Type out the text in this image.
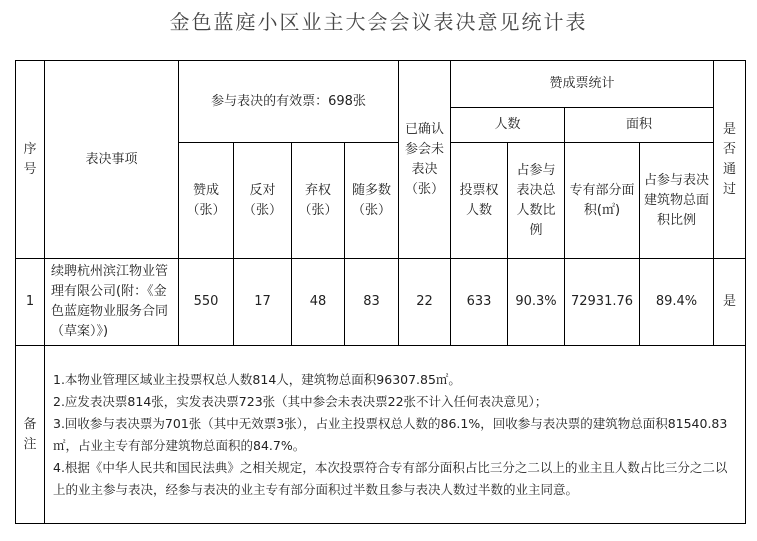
金色蓝庭小区业主大会会议表决意见统计表
序号	表决事项	参与表决的有效票：698张				已确认参会未表决（张）	赞成票统计				是否通过

							人数		面积		
		赞成（张）	反对（张）	弃权（张）	随多数（张）		投票权人数	占参与表决总人数比例	专有部分面积(㎡)	占参与表决建筑物总面积比例	
1	续聘杭州滨江物业管理有限公司(附：《金色蓝庭物业服务合同（草案）》)	550	17	48	83	22	633	90.3%	72931.76	89.4%	是

备注	1.本物业管理区域业主投票权总人数814人，建筑物总面积96307.85㎡。
2.应发表决票814张，实发表决票723张（其中参会未表决票22张不计入任何表决意见）；
3.回收参与表决票为701张（其中无效票3张），占业主投票权总人数的86.1%，回收参与表决票的建筑物总面积81540.83㎡，占业主专有部分建筑物总面积的84.7%。
4.根据《中华人民共和国民法典》之相关规定，本次投票符合专有部分面积占比三分之二以上的业主且人数占比三分之二以上的业主参与表决，经参与表决的业主专有部分面积过半数且参与表决人数过半数的业主同意。										
